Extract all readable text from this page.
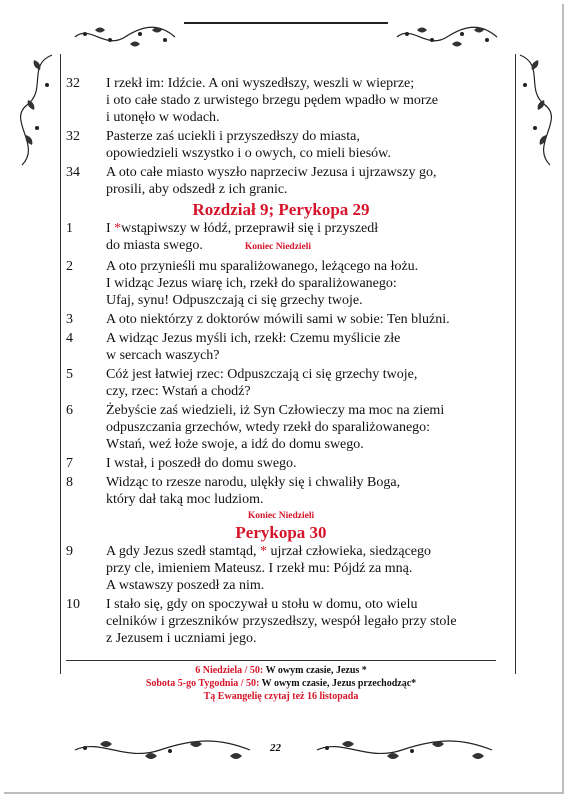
32	I rzekł im: Idźcie. A oni wyszedłszy, weszli w wieprze;
i oto całe stado z urwistego brzegu pędem wpadło w morze
i utonęło w wodach.
32	Pasterze zaś uciekli i przyszedłszy do miasta,
opowiedzieli wszystko i o owych, co mieli biesów.
34	A oto całe miasto wyszło naprzeciw Jezusa i ujrzawszy go,
prosili, aby odszedł z ich granic.
Rozdział 9; Perykopa 29
1	I *wstąpiwszy w łódź, przeprawił się i przyszedł
do miasta swego.	Koniec Niedzieli
2	A oto przynieśli mu sparaliżowanego, leżącego na łożu.
I widząc Jezus wiarę ich, rzekł do sparaliżowanego:
Ufaj, synu! Odpuszczają ci się grzechy twoje.
3	A oto niektórzy z doktorów mówili sami w sobie: Ten bluźni.
4	A widząc Jezus myśli ich, rzekł: Czemu myślicie złe
w sercach waszych?
5	Cóż jest łatwiej rzec: Odpuszczają ci się grzechy twoje,
czy, rzec: Wstań a chodź?
6	Żebyście zaś wiedzieli, iż Syn Człowieczy ma moc na ziemi
odpuszczania grzechów, wtedy rzekł do sparaliżowanego:
Wstań, weź łoże swoje, a idź do domu swego.
7	I wstał, i poszedł do domu swego.
8	Widząc to rzesze narodu, ulękły się i chwaliły Boga,
który dał taką moc ludziom.
Koniec Niedzieli
Perykopa 30
9	A gdy Jezus szedł stamtąd, * ujrzał człowieka, siedzącego
przy cle, imieniem Mateusz. I rzekł mu: Pójdź za mną.
A wstawszy poszedł za nim.
10	I stało się, gdy on spoczywał u stołu w domu, oto wielu
celników i grzeszników przyszedłszy, wespół legało przy stole
z Jezusem i uczniami jego.
6 Niedziela / 50: W owym czasie, Jezus *
Sobota 5-go Tygodnia / 50: W owym czasie, Jezus przechodząc*
Tą Ewangelię czytaj też 16 listopada
22
